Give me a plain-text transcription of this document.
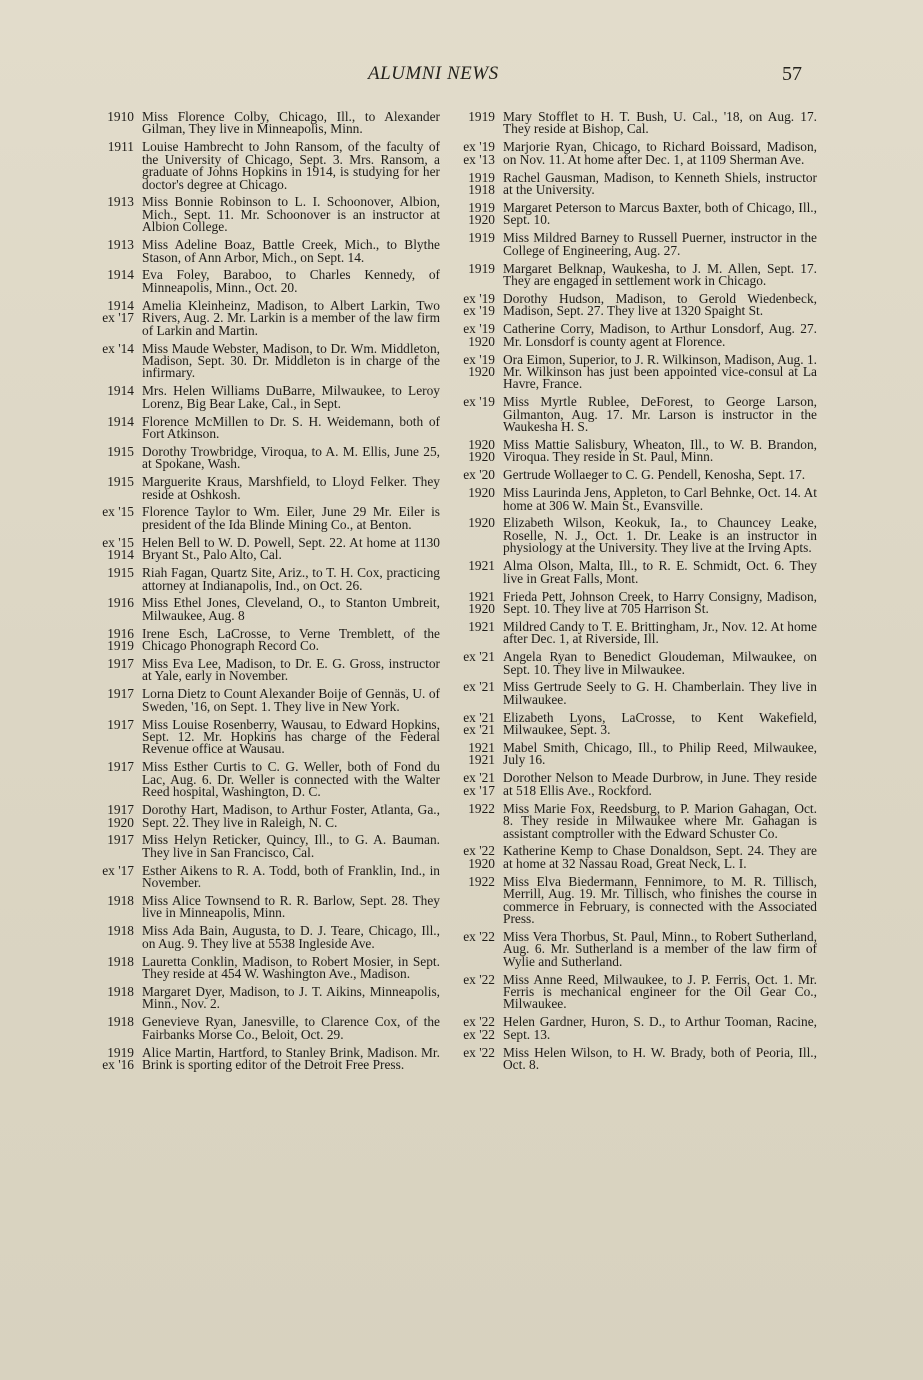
ALUMNI NEWS	57
1910 Miss Florence Colby, Chicago, Ill., to Alexander Gilman, They live in Minneapolis, Minn.
1911 Louise Hambrecht to John Ransom, of the faculty of the University of Chicago, Sept. 3. Mrs. Ransom, a graduate of Johns Hopkins in 1914, is studying for her doctor's degree at Chicago.
1913 Miss Bonnie Robinson to L. I. Schoonover, Albion, Mich., Sept. 11. Mr. Schoonover is an instructor at Albion College.
1913 Miss Adeline Boaz, Battle Creek, Mich., to Blythe Stason, of Ann Arbor, Mich., on Sept. 14.
1914 Eva Foley, Baraboo, to Charles Kennedy, of Minneapolis, Minn., Oct. 20.
1914
ex '17
Amelia Kleinheinz, Madison, to Albert Larkin, Two Rivers, Aug. 2. Mr. Larkin is a member of the law firm of Larkin and Martin.
ex '14 Miss Maude Webster, Madison, to Dr. Wm. Middleton, Madison, Sept. 30. Dr. Middleton is in charge of the infirmary.
1914 Mrs. Helen Williams DuBarre, Milwaukee, to Leroy Lorenz, Big Bear Lake, Cal., in Sept.
1914 Florence McMillen to Dr. S. H. Weidemann, both of Fort Atkinson.
1915 Dorothy Trowbridge, Viroqua, to A. M. Ellis, June 25, at Spokane, Wash.
1915 Marguerite Kraus, Marshfield, to Lloyd Felker. They reside at Oshkosh.
ex '15 Florence Taylor to Wm. Eiler, June 29 Mr. Eiler is president of the Ida Blinde Mining Co., at Benton.
ex '15
1914
Helen Bell to W. D. Powell, Sept. 22. At home at 1130 Bryant St., Palo Alto, Cal.
1915 Riah Fagan, Quartz Site, Ariz., to T. H. Cox, practicing attorney at Indianapolis, Ind., on Oct. 26.
1916 Miss Ethel Jones, Cleveland, O., to Stanton Umbreit, Milwaukee, Aug. 8
1916
1919
Irene Esch, LaCrosse, to Verne Tremblett, of the Chicago Phonograph Record Co.
1917 Miss Eva Lee, Madison, to Dr. E. G. Gross, instructor at Yale, early in November.
1917 Lorna Dietz to Count Alexander Boije of Gennäs, U. of Sweden, '16, on Sept. 1. They live in New York.
1917 Miss Louise Rosenberry, Wausau, to Edward Hopkins, Sept. 12. Mr. Hopkins has charge of the Federal Revenue office at Wausau.
1917 Miss Esther Curtis to C. G. Weller, both of Fond du Lac, Aug. 6. Dr. Weller is connected with the Walter Reed hospital, Washington, D. C.
1917
1920
Dorothy Hart, Madison, to Arthur Foster, Atlanta, Ga., Sept. 22. They live in Raleigh, N. C.
1917 Miss Helyn Reticker, Quincy, Ill., to G. A. Bauman. They live in San Francisco, Cal.
ex '17 Esther Aikens to R. A. Todd, both of Franklin, Ind., in November.
1918 Miss Alice Townsend to R. R. Barlow, Sept. 28. They live in Minneapolis, Minn.
1918 Miss Ada Bain, Augusta, to D. J. Teare, Chicago, Ill., on Aug. 9. They live at 5538 Ingleside Ave.
1918 Lauretta Conklin, Madison, to Robert Mosier, in Sept. They reside at 454 W. Washington Ave., Madison.
1918 Margaret Dyer, Madison, to J. T. Aikins, Minneapolis, Minn., Nov. 2.
1918 Genevieve Ryan, Janesville, to Clarence Cox, of the Fairbanks Morse Co., Beloit, Oct. 29.
1919
ex '16
Alice Martin, Hartford, to Stanley Brink, Madison. Mr. Brink is sporting editor of the Detroit Free Press.
1919 Mary Stofflet to H. T. Bush, U. Cal., '18, on Aug. 17. They reside at Bishop, Cal.
ex '19
ex '13
Marjorie Ryan, Chicago, to Richard Boissard, Madison, on Nov. 11. At home after Dec. 1, at 1109 Sherman Ave.
1919
1918
Rachel Gausman, Madison, to Kenneth Shiels, instructor at the University.
1919
1920
Margaret Peterson to Marcus Baxter, both of Chicago, Ill., Sept. 10.
1919 Miss Mildred Barney to Russell Puerner, instructor in the College of Engineering, Aug. 27.
1919 Margaret Belknap, Waukesha, to J. M. Allen, Sept. 17. They are engaged in settlement work in Chicago.
ex '19
ex '19
Dorothy Hudson, Madison, to Gerold Wiedenbeck, Madison, Sept. 27. They live at 1320 Spaight St.
ex '19
1920
Catherine Corry, Madison, to Arthur Lonsdorf, Aug. 27. Mr. Lonsdorf is county agent at Florence.
ex '19
1920
Ora Eimon, Superior, to J. R. Wilkinson, Madison, Aug. 1. Mr. Wilkinson has just been appointed vice-consul at La Havre, France.
ex '19 Miss Myrtle Rublee, DeForest, to George Larson, Gilmanton, Aug. 17. Mr. Larson is instructor in the Waukesha H. S.
1920
1920
Miss Mattie Salisbury, Wheaton, Ill., to W. B. Brandon, Viroqua. They reside in St. Paul, Minn.
ex '20 Gertrude Wollaeger to C. G. Pendell, Kenosha, Sept. 17.
1920 Miss Laurinda Jens, Appleton, to Carl Behnke, Oct. 14. At home at 306 W. Main St., Evansville.
1920 Elizabeth Wilson, Keokuk, Ia., to Chauncey Leake, Roselle, N. J., Oct. 1. Dr. Leake is an instructor in physiology at the University. They live at the Irving Apts.
1921 Alma Olson, Malta, Ill., to R. E. Schmidt, Oct. 6. They live in Great Falls, Mont.
1921
1920
Frieda Pett, Johnson Creek, to Harry Consigny, Madison, Sept. 10. They live at 705 Harrison St.
1921 Mildred Candy to T. E. Brittingham, Jr., Nov. 12. At home after Dec. 1, at Riverside, Ill.
ex '21 Angela Ryan to Benedict Gloudeman, Milwaukee, on Sept. 10. They live in Milwaukee.
ex '21 Miss Gertrude Seely to G. H. Chamberlain. They live in Milwaukee.
ex '21
ex '21
Elizabeth Lyons, LaCrosse, to Kent Wakefield, Milwaukee, Sept. 3.
1921
1921
Mabel Smith, Chicago, Ill., to Philip Reed, Milwaukee, July 16.
ex '21
ex '17
Dorother Nelson to Meade Durbrow, in June. They reside at 518 Ellis Ave., Rockford.
1922 Miss Marie Fox, Reedsburg, to P. Marion Gahagan, Oct. 8. They reside in Milwaukee where Mr. Gahagan is assistant comptroller with the Edward Schuster Co.
ex '22
1920
Katherine Kemp to Chase Donaldson, Sept. 24. They are at home at 32 Nassau Road, Great Neck, L. I.
1922 Miss Elva Biedermann, Fennimore, to M. R. Tillisch, Merrill, Aug. 19. Mr. Tillisch, who finishes the course in commerce in February, is connected with the Associated Press.
ex '22 Miss Vera Thorbus, St. Paul, Minn., to Robert Sutherland, Aug. 6. Mr. Sutherland is a member of the law firm of Wylie and Sutherland.
ex '22 Miss Anne Reed, Milwaukee, to J. P. Ferris, Oct. 1. Mr. Ferris is mechanical engineer for the Oil Gear Co., Milwaukee.
ex '22
ex '22
Helen Gardner, Huron, S. D., to Arthur Tooman, Racine, Sept. 13.
ex '22 Miss Helen Wilson, to H. W. Brady, both of Peoria, Ill., Oct. 8.
